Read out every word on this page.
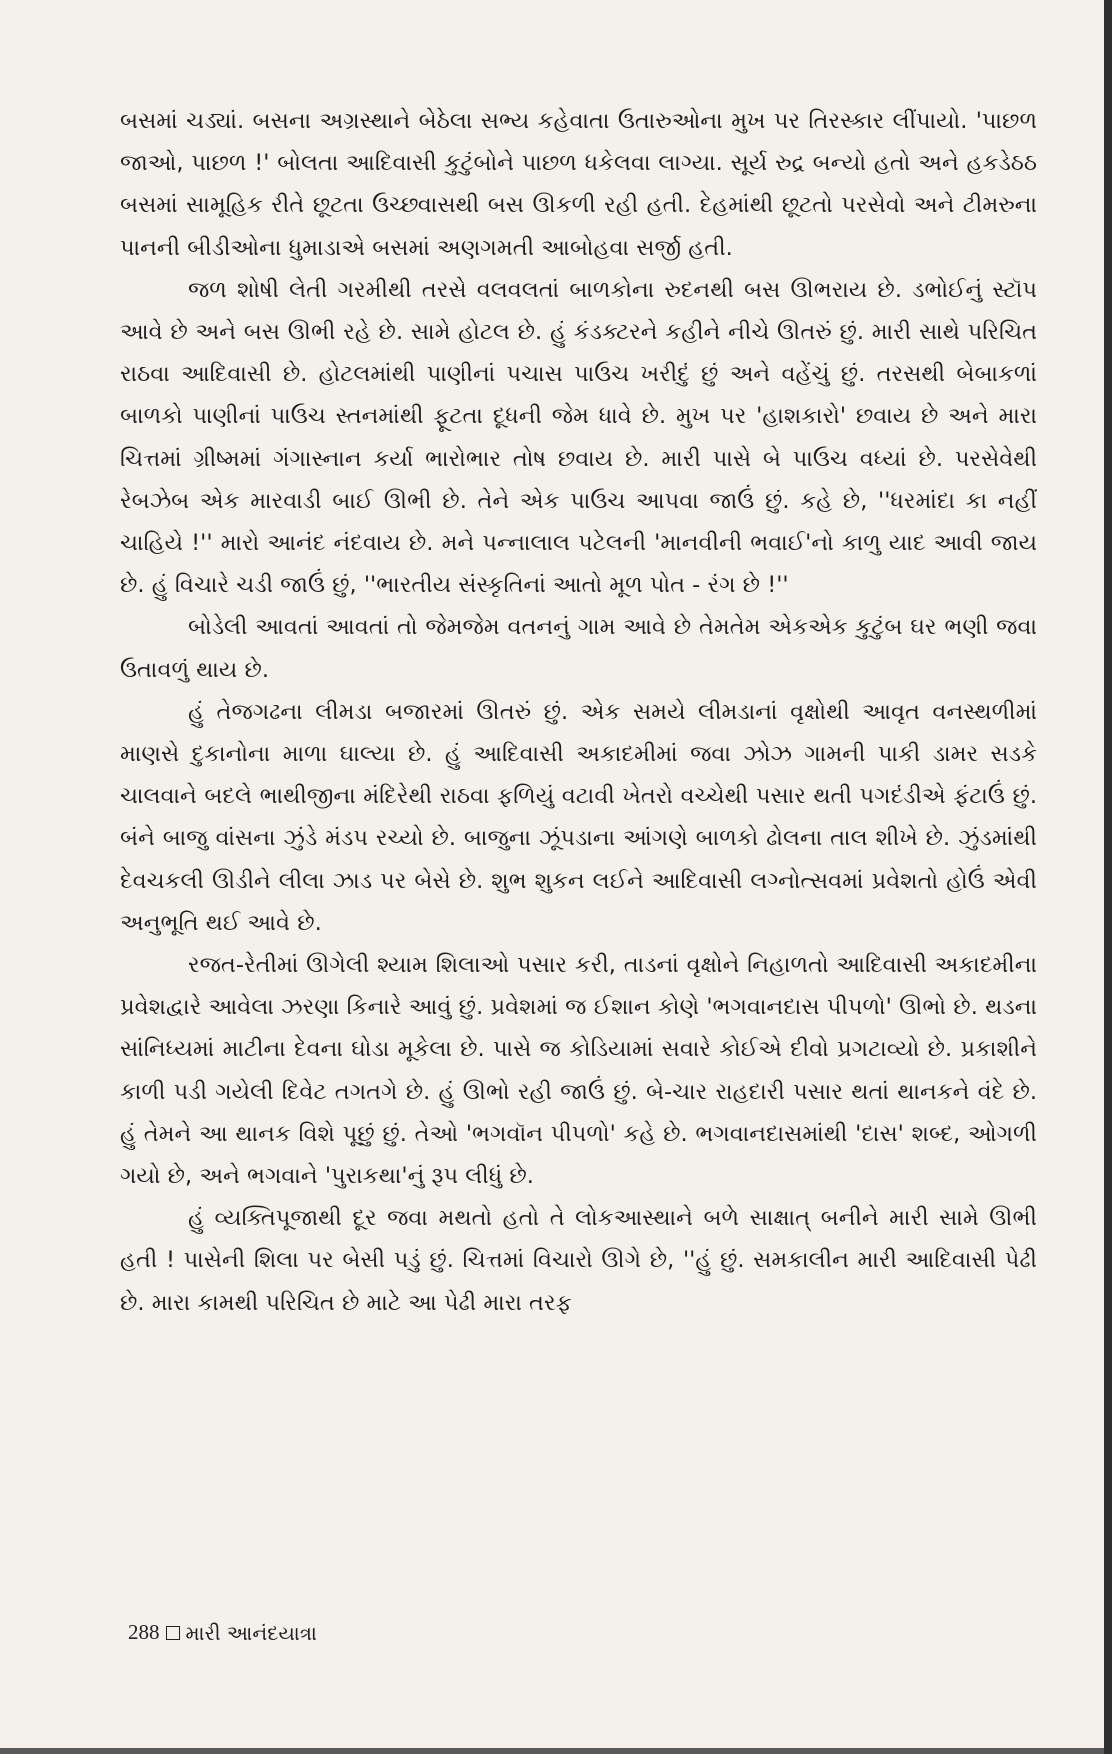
બસમાં ચડ્યાં. બસના અગ્રસ્થાને બેઠેલા સભ્ય કહેવાતા ઉતારુઓના મુખ પર તિરસ્કાર લીંપાયો. 'પાછળ જાઓ, પાછળ !' બોલતા આદિવાસી કુટુંબોને પાછળ ધકેલવા લાગ્યા. સૂર્ય રુદ્ર બન્યો હતો અને હકડેઠઠ બસમાં સામૂહિક રીતે છૂટતા ઉચ્છ્વાસથી બસ ઊકળી રહી હતી. દેહમાંથી છૂટતો પરસેવો અને ટીમરુના પાનની બીડીઓના ધુમાડાએ બસમાં અણગમતી આબોહવા સર્જી હતી.

જળ શોષી લેતી ગરમીથી તરસે વલવલતાં બાળકોના રુદનથી બસ ઊભરાય છે. ડભોઈનું સ્ટૉપ આવે છે અને બસ ઊભી રહે છે. સામે હોટલ છે. હું કંડક્ટરને કહીને નીચે ઊતરું છું. મારી સાથે પરિચિત રાઠવા આદિવાસી છે. હોટલમાંથી પાણીનાં પચાસ પાઉચ ખરીદું છું અને વહેંચું છું. તરસથી બેબાકળાં બાળકો પાણીનાં પાઉચ સ્તનમાંથી ફૂટતા દૂધની જેમ ધાવે છે. મુખ પર 'હાશકારો' છવાય છે અને મારા ચિત્તમાં ગ્રીષ્મમાં ગંગાસ્નાન કર્યા ભારોભાર તોષ છવાય છે. મારી પાસે બે પાઉચ વધ્યાં છે. પરસેવેથી રેબઝેબ એક મારવાડી બાઈ ઊભી છે. તેને એક પાઉચ આપવા જાઉં છું. કહે છે, ''ધરમાંદા કા નહીં ચાહિયે !'' મારો આનંદ નંદવાય છે. મને પન્નાલાલ પટેલની 'માનવીની ભવાઈ'નો કાળુ યાદ આવી જાય છે. હું વિચારે ચડી જાઉં છું, ''ભારતીય સંસ્કૃતિનાં આતો મૂળ પોત - રંગ છે !''

બોડેલી આવતાં આવતાં તો જેમજેમ વતનનું ગામ આવે છે તેમતેમ એકએક કુટુંબ ઘર ભણી જવા ઉતાવળું થાય છે.

હું તેજગઢના લીમડા બજારમાં ઊતરું છું. એક સમયે લીમડાનાં વૃક્ષોથી આવૃત વનસ્થળીમાં માણસે દુકાનોના માળા ઘાલ્યા છે. હું આદિવાસી અકાદમીમાં જવા ઝોઝ ગામની પાકી ડામર સડકે ચાલવાને બદલે ભાથીજીના મંદિરેથી રાઠવા ફળિયું વટાવી ખેતરો વચ્ચેથી પસાર થતી પગદંડીએ ફંટાઉં છું. બંને બાજુ વાંસના ઝુંડે મંડપ રચ્યો છે. બાજુના ઝૂંપડાના આંગણે બાળકો ઢોલના તાલ શીખે છે. ઝુંડમાંથી દેવચકલી ઊડીને લીલા ઝાડ પર બેસે છે. શુભ શુકન લઈને આદિવાસી લગ્નોત્સવમાં પ્રવેશતો હોઉં એવી અનુભૂતિ થઈ આવે છે.

રજત-રેતીમાં ઊગેલી શ્યામ શિલાઓ પસાર કરી, તાડનાં વૃક્ષોને નિહાળતો આદિવાસી અકાદમીના પ્રવેશદ્વારે આવેલા ઝરણા કિનારે આવું છું. પ્રવેશમાં જ ઈશાન કોણે 'ભગવાનદાસ પીપળો' ઊભો છે. થડના સાંનિધ્યમાં માટીના દેવના ઘોડા મૂકેલા છે. પાસે જ કોડિયામાં સવારે કોઈએ દીવો પ્રગટાવ્યો છે. પ્રકાશીને કાળી પડી ગયેલી દિવેટ તગતગે છે. હું ઊભો રહી જાઉં છું. બે-ચાર રાહદારી પસાર થતાં થાનકને વંદે છે. હું તેમને આ થાનક વિશે પૂછું છું. તેઓ 'ભગવૉન પીપળો' કહે છે. ભગવાનદાસમાંથી 'દાસ' શબ્દ, ઓગળી ગયો છે, અને ભગવાને 'પુરાકથા'નું રૂપ લીધું છે.

હું વ્યક્તિપૂજાથી દૂર જવા મથતો હતો તે લોકઆસ્થાને બળે સાક્ષાત્ બનીને મારી સામે ઊભી હતી ! પાસેની શિલા પર બેસી પડું છું. ચિત્તમાં વિચારો ઊગે છે, ''હું છું. સમકાલીન મારી આદિવાસી પેઢી છે. મારા કામથી પરિચિત છે માટે આ પેઢી મારા તરફ

288 મારી આનંદયાત્રા
